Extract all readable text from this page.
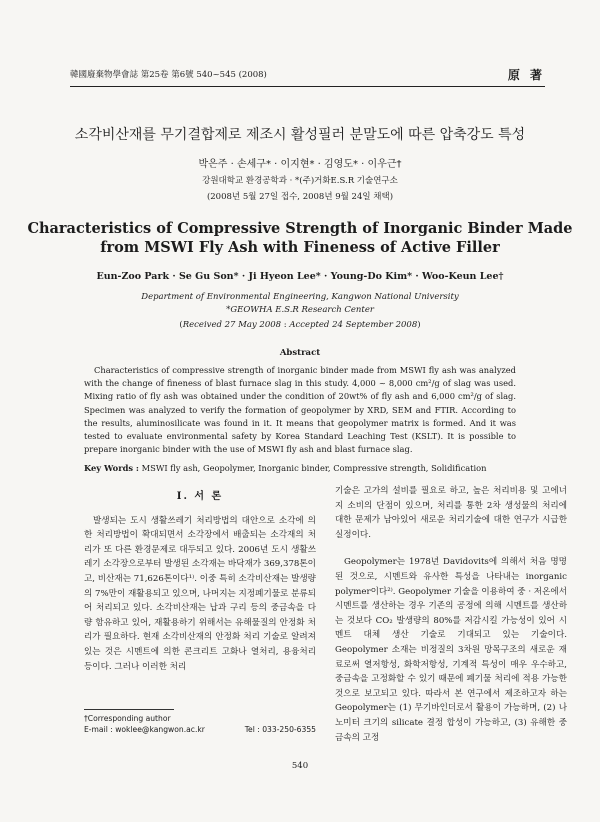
韓國廢棄物學會誌 第25卷 第6號 540~545 (2008)	原 著
소각비산재를 무기결합제로 제조시 활성필러 분말도에 따른 압축강도 특성
박은주 · 손세구* · 이지현* · 김영도* · 이우근†
강원대학교 환경공학과 · *(주)거화E.S.R 기술연구소
(2008년 5월 27일 접수, 2008년 9월 24일 채택)
Characteristics of Compressive Strength of Inorganic Binder Made
from MSWI Fly Ash with Fineness of Active Filler
Eun-Zoo Park · Se Gu Son* · Ji Hyeon Lee* · Young-Do Kim* · Woo-Keun Lee†
Department of Environmental Engineering, Kangwon National University
*GEOWHA E.S.R Research Center
(Received 27 May 2008 : Accepted 24 September 2008)
Abstract

Characteristics of compressive strength of inorganic binder made from MSWI fly ash was analyzed with the change of fineness of blast furnace slag in this study. 4,000 ~ 8,000 cm²/g of slag was used. Mixing ratio of fly ash was obtained under the condition of 20wt% of fly ash and 6,000 cm²/g of slag. Specimen was analyzed to verify the formation of geopolymer by XRD, SEM and FTIR. According to the results, aluminosilicate was found in it. It means that geopolymer matrix is formed. And it was tested to evaluate environmental safety by Korea Standard Leaching Test (KSLT). It is possible to prepare inorganic binder with the use of MSWI fly ash and blast furnace slag.

Key Words : MSWI fly ash, Geopolymer, Inorganic binder, Compressive strength, Solidification
I. 서 론

발생되는 도시 생활쓰레기 처리방법의 대안으로 소각에 의한 처리방법이 확대되면서 소각장에서 배출되는 소각재의 처리가 또 다른 환경문제로 대두되고 있다. 2006년 도시 생활쓰레기 소각장으로부터 발생된 소각재는 바닥재가 369,378톤이고, 비산재는 71,626톤이다¹⁾. 이중 특히 소각비산재는 발생량의 7%만이 재활용되고 있으며, 나머지는 지정폐기물로 분류되어 처리되고 있다. 소각비산재는 납과 구리 등의 중금속을 다량 함유하고 있어, 재활용하기 위해서는 유해물질의 안정화 처리가 필요하다. 현재 소각비산재의 안정화 처리 기술로 알려져 있는 것은 시멘트에 의한 콘크리트 고화나 열처리, 용융처리 등이다. 그러나 이러한 처리

기술은 고가의 설비를 필요로 하고, 높은 처리비용 및 고에너지 소비의 단점이 있으며, 처리를 통한 2차 생성물의 처리에 대한 문제가 남아있어 새로운 처리기술에 대한 연구가 시급한 실정이다.

Geopolymer는 1978년 Davidovits에 의해서 처음 명명된 것으로, 시멘트와 유사한 특성을 나타내는 inorganic polymer이다²⁾. Geopolymer 기술을 이용하여 중 · 저온에서 시멘트를 생산하는 경우 기존의 공정에 의해 시멘트를 생산하는 것보다 CO₂ 발생량의 80%를 저감시킬 가능성이 있어 시멘트 대체 생산 기술로 기대되고 있는 기술이다. Geopolymer 소재는 비정질의 3차원 망목구조의 새로운 재료로써 열저항성, 화학저항성, 기계적 특성이 매우 우수하고, 중금속을 고정화할 수 있기 때문에 폐기물 처리에 적용 가능한 것으로 보고되고 있다. 따라서 본 연구에서 제조하고자 하는 Geopolymer는 (1) 무기바인더로서 활용이 가능하며, (2) 나노미터 크기의 silicate 결정 합성이 가능하고, (3) 유해한 중금속의 고정

†Corresponding author
E-mail : woklee@kangwon.ac.kr	Tel : 033-250-6355
540
